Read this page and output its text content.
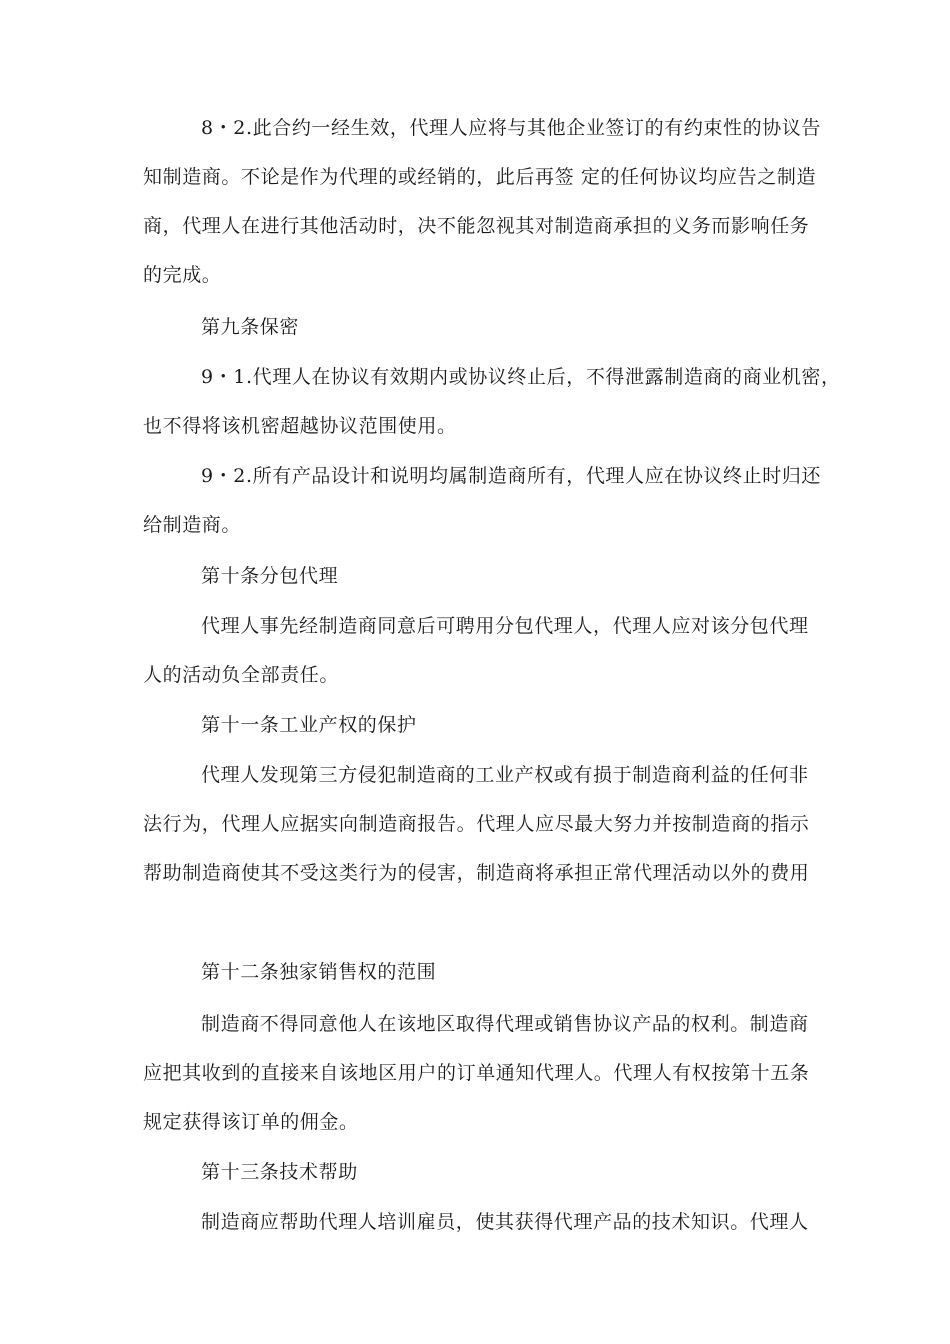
8・2.此合约一经生效，代理人应将与其他企业签订的有约束性的协议告
知制造商。不论是作为代理的或经销的，此后再签 定的任何协议均应告之制造
商，代理人在进行其他活动时，决不能忽视其对制造商承担的义务而影响任务
的完成。
第九条保密
9・1.代理人在协议有效期内或协议终止后，不得泄露制造商的商业机密，
也不得将该机密超越协议范围使用。
9・2.所有产品设计和说明均属制造商所有，代理人应在协议终止时归还
给制造商。
第十条分包代理
代理人事先经制造商同意后可聘用分包代理人，代理人应对该分包代理
人的活动负全部责任。
第十一条工业产权的保护
代理人发现第三方侵犯制造商的工业产权或有损于制造商利益的任何非
法行为，代理人应据实向制造商报告。代理人应尽最大努力并按制造商的指示
帮助制造商使其不受这类行为的侵害，制造商将承担正常代理活动以外的费用
第十二条独家销售权的范围
制造商不得同意他人在该地区取得代理或销售协议产品的权利。制造商
应把其收到的直接来自该地区用户的订单通知代理人。代理人有权按第十五条
规定获得该订单的佣金。
第十三条技术帮助
制造商应帮助代理人培训雇员，使其获得代理产品的技术知识。代理人
